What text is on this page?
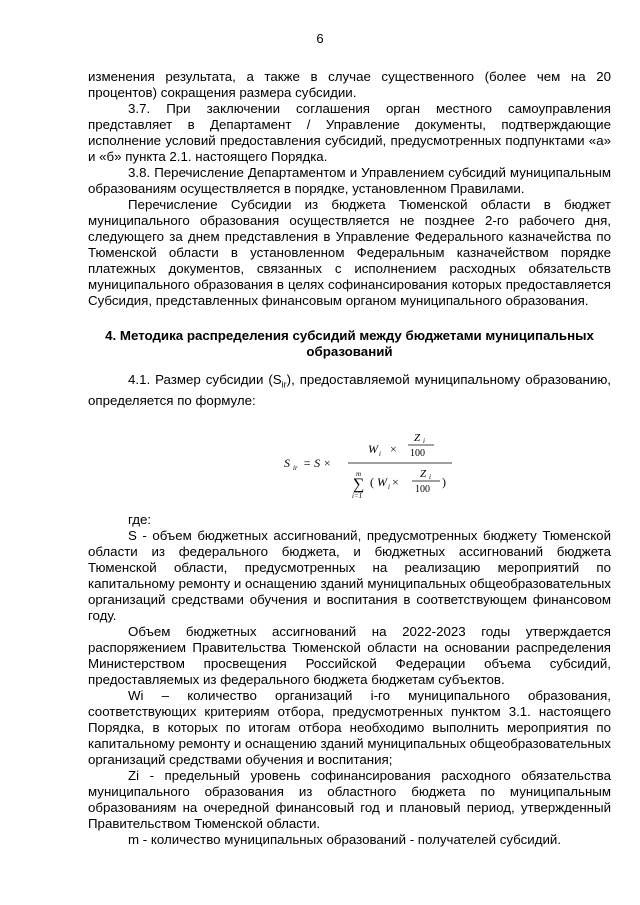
6

изменения результата, а также в случае существенного (более чем на 20 процентов) сокращения размера субсидии.

3.7. При заключении соглашения орган местного самоуправления представляет в Департамент / Управление документы, подтверждающие исполнение условий предоставления субсидий, предусмотренных подпунктами «а» и «б» пункта 2.1. настоящего Порядка.

3.8. Перечисление Департаментом и Управлением субсидий муниципальным образованиям осуществляется в порядке, установленном Правилами.

Перечисление Субсидии из бюджета Тюменской области в бюджет муниципального образования осуществляется не позднее 2-го рабочего дня, следующего за днем представления в Управление Федерального казначейства по Тюменской области в установленном Федеральным казначейством порядке платежных документов, связанных с исполнением расходных обязательств муниципального образования в целях софинансирования которых предоставляется Субсидия, представленных финансовым органом муниципального образования.

4. Методика распределения субсидий между бюджетами муниципальных образований

4.1. Размер субсидии $(S_{ir})$, предоставляемой муниципальному образованию, определяется по формуле:

S ir = S ×
W i ×
Z i
100
∑
m
i=1
( W i ×
Z i
100
)

где:

S - объем бюджетных ассигнований, предусмотренных бюджету Тюменской области из федерального бюджета, и бюджетных ассигнований бюджета Тюменской области, предусмотренных на реализацию мероприятий по капитальному ремонту и оснащению зданий муниципальных общеобразовательных организаций средствами обучения и воспитания в соответствующем финансовом году.

Объем бюджетных ассигнований на 2022-2023 годы утверждается распоряжением Правительства Тюменской области на основании распределения Министерством просвещения Российской Федерации объема субсидий, предоставляемых из федерального бюджета бюджетам субъектов.

Wi – количество организаций i-го муниципального образования, соответствующих критериям отбора, предусмотренных пунктом 3.1. настоящего Порядка, в которых по итогам отбора необходимо выполнить мероприятия по капитальному ремонту и оснащению зданий муниципальных общеобразовательных организаций средствами обучения и воспитания;

Zi - предельный уровень софинансирования расходного обязательства муниципального образования из областного бюджета по муниципальным образованиям на очередной финансовый год и плановый период, утвержденный Правительством Тюменской области.

m - количество муниципальных образований - получателей субсидий.
